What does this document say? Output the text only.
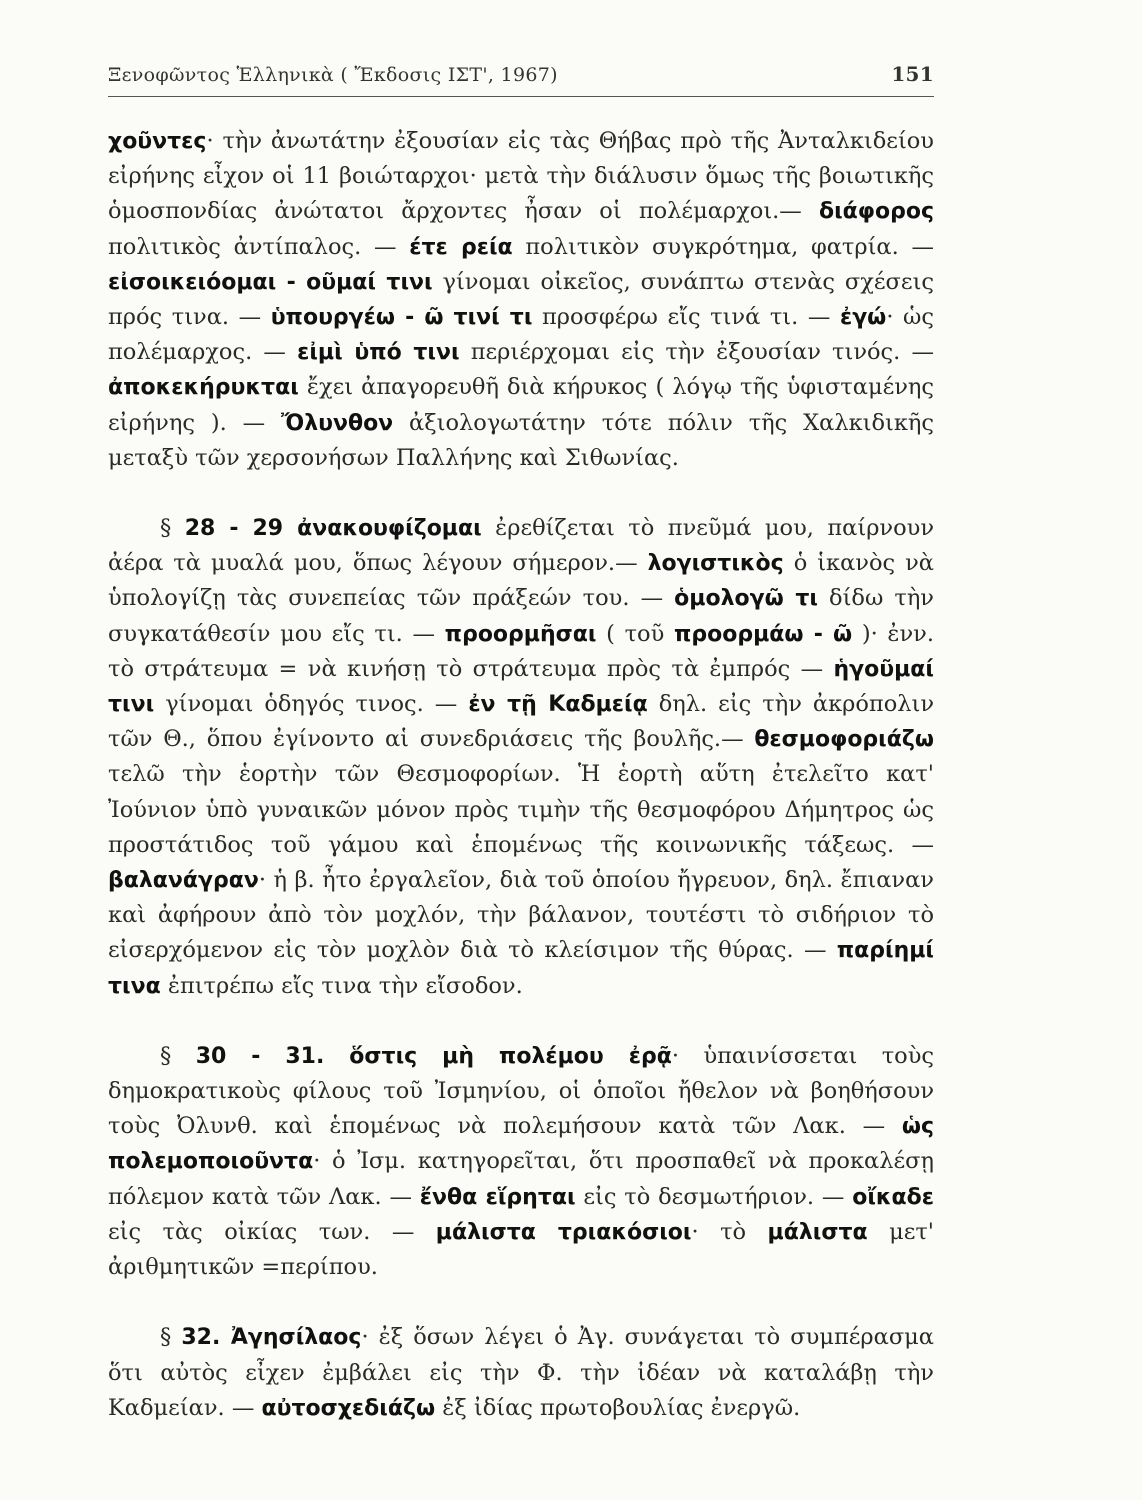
Ξενοφῶντος Ἑλληνικὰ ( Ἔκδοσις ΙΣΤ', 1967)	151

χοῦντες· τὴν ἀνωτάτην ἐξουσίαν εἰς τὰς Θήβας πρὸ τῆς Ἀνταλκιδείου εἰρήνης εἶχον οἱ 11 βοιώταρχοι· μετὰ τὴν διάλυσιν ὅμως τῆς βοιωτικῆς ὁμοσπονδίας ἀνώτατοι ἄρχοντες ἦσαν οἱ πολέμαρχοι.— διάφορος πολιτικὸς ἀντίπαλος. — έτε ρεία πολιτικὸν συγκρότημα, φατρία. — εἰσοικειόομαι - οῦμαί τινι γίνομαι οἰκεῖος, συνάπτω στενὰς σχέσεις πρός τινα. — ὑπουργέω - ῶ τινί τι προσφέρω εἴς τινά τι. — ἐγώ· ὡς πολέμαρχος. — εἰμὶ ὑπό τινι περιέρχομαι εἰς τὴν ἐξουσίαν τινός. — ἀποκεκήρυκται ἔχει ἀπαγορευθῆ διὰ κήρυκος ( λόγῳ τῆς ὑφισταμένης εἰρήνης ). — Ὄλυνθον ἀξιολογωτάτην τότε πόλιν τῆς Χαλκιδικῆς μεταξὺ τῶν χερσονήσων Παλλήνης καὶ Σιθωνίας.

§ 28 - 29 ἀνακουφίζομαι ἐρεθίζεται τὸ πνεῦμά μου, παίρνουν ἀέρα τὰ μυαλά μου, ὅπως λέγουν σήμερον.— λογιστικὸς ὁ ἱκανὸς νὰ ὑπολογίζῃ τὰς συνεπείας τῶν πράξεών του. — ὁμολογῶ τι δίδω τὴν συγκατάθεσίν μου εἴς τι. — προορμῆσαι ( τοῦ προορμάω - ῶ )· ἐνν. τὸ στράτευμα = νὰ κινήσῃ τὸ στράτευμα πρὸς τὰ ἐμπρός — ἡγοῦμαί τινι γίνομαι ὁδηγός τινος. — ἐν τῇ Καδμείᾳ δηλ. εἰς τὴν ἀκρόπολιν τῶν Θ., ὅπου ἐγίνοντο αἱ συνεδριάσεις τῆς βουλῆς.— θεσμοφοριάζω τελῶ τὴν ἑορτὴν τῶν Θεσμοφορίων. Ἡ ἑορτὴ αὕτη ἐτελεῖτο κατ' Ἰούνιον ὑπὸ γυναικῶν μόνον πρὸς τιμὴν τῆς θεσμοφόρου Δήμητρος ὡς προστάτιδος τοῦ γάμου καὶ ἑπομένως τῆς κοινωνικῆς τάξεως. — βαλανάγραν· ἡ β. ἦτο ἐργαλεῖον, διὰ τοῦ ὁποίου ἤγρευον, δηλ. ἔπιαναν καὶ ἀφήρουν ἀπὸ τὸν μοχλόν, τὴν βάλανον, τουτέστι τὸ σιδήριον τὸ εἰσερχόμενον εἰς τὸν μοχλὸν διὰ τὸ κλείσιμον τῆς θύρας. — παρίημί τινα ἐπιτρέπω εἴς τινα τὴν εἴσοδον.

§ 30 - 31. ὅστις μὴ πολέμου ἐρᾷ· ὑπαινίσσεται τοὺς δημοκρατικοὺς φίλους τοῦ Ἰσμηνίου, οἱ ὁποῖοι ἤθελον νὰ βοηθήσουν τοὺς Ὀλυνθ. καὶ ἑπομένως νὰ πολεμήσουν κατὰ τῶν Λακ. — ὡς πολεμοποιοῦντα· ὁ Ἰσμ. κατηγορεῖται, ὅτι προσπαθεῖ νὰ προκαλέσῃ πόλεμον κατὰ τῶν Λακ. — ἔνθα εἵρηται εἰς τὸ δεσμωτήριον. — οἴκαδε εἰς τὰς οἰκίας των. — μάλιστα τριακόσιοι· τὸ μάλιστα μετ' ἀριθμητικῶν =περίπου.

§ 32. Ἀγησίλαος· ἐξ ὅσων λέγει ὁ Ἀγ. συνάγεται τὸ συμπέρασμα ὅτι αὐτὸς εἶχεν ἐμβάλει εἰς τὴν Φ. τὴν ἰδέαν νὰ καταλάβῃ τὴν Καδμείαν. — αὐτοσχεδιάζω ἐξ ἰδίας πρωτοβουλίας ἐνεργῶ.
